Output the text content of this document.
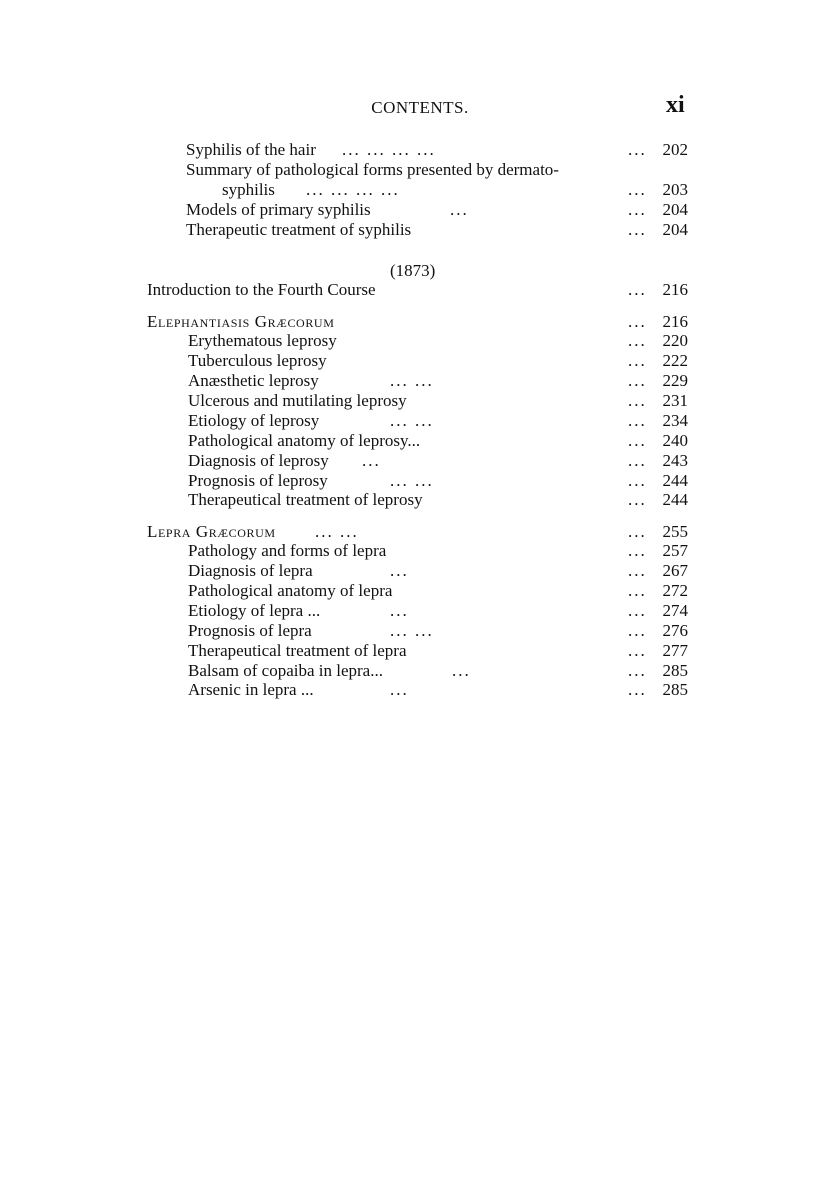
CONTENTS.	xi
Syphilis of the hair ... ... ... ...	... 202
Summary of pathological forms presented by dermato-
syphilis ... ... ... ...	... 203
Models of primary syphilis	...	... 204
Therapeutic treatment of syphilis	... 204
(1873)
Introduction to the Fourth Course	... 216
Elephantiasis Græcorum	... 216
Erythematous leprosy	... 220
Tuberculous leprosy	... 222
Anæsthetic leprosy	... ...	... 229
Ulcerous and mutilating leprosy	... 231
Etiology of leprosy	... ...	... 234
Pathological anatomy of leprosy...	... 240
Diagnosis of leprosy ...	... 243
Prognosis of leprosy	... ...	... 244
Therapeutical treatment of leprosy	... 244
Lepra Græcorum ... ...	... 255
Pathology and forms of lepra	... 257
Diagnosis of lepra	...	... 267
Pathological anatomy of lepra	... 272
Etiology of lepra ...	...	... 274
Prognosis of lepra	... ...	... 276
Therapeutical treatment of lepra	... 277
Balsam of copaiba in lepra...	...	... 285
Arsenic in lepra ...	...	... 285
